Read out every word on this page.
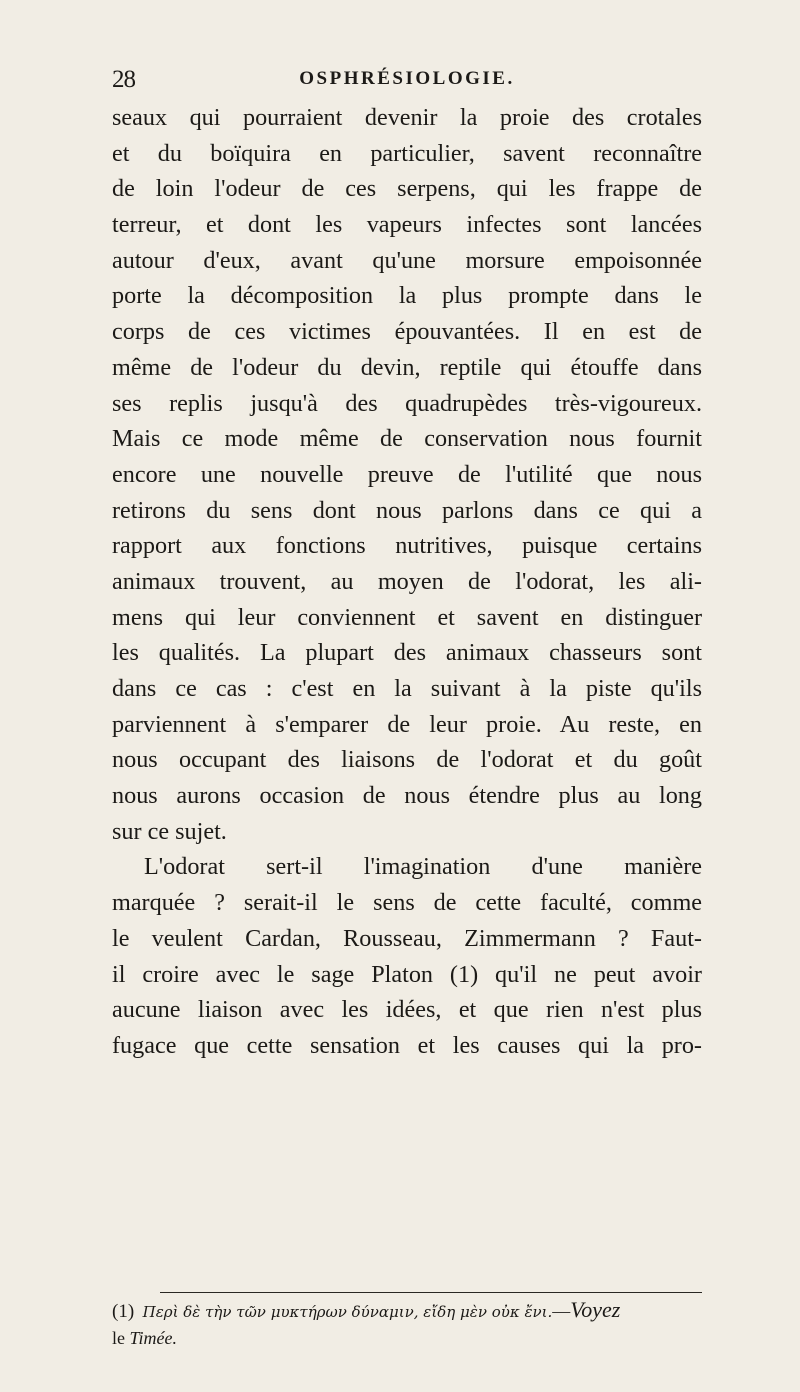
28	OSPHRÉSIOLOGIE.
seaux qui pourraient devenir la proie des crotales
et du boïquira en particulier, savent reconnaître
de loin l'odeur de ces serpens, qui les frappe de
terreur, et dont les vapeurs infectes sont lancées
autour d'eux, avant qu'une morsure empoisonnée
porte la décomposition la plus prompte dans le
corps de ces victimes épouvantées. Il en est de
même de l'odeur du devin, reptile qui étouffe dans
ses replis jusqu'à des quadrupèdes très-vigoureux.
Mais ce mode même de conservation nous fournit
encore une nouvelle preuve de l'utilité que nous
retirons du sens dont nous parlons dans ce qui a
rapport aux fonctions nutritives, puisque certains
animaux trouvent, au moyen de l'odorat, les ali-
mens qui leur conviennent et savent en distinguer
les qualités. La plupart des animaux chasseurs sont
dans ce cas : c'est en la suivant à la piste qu'ils
parviennent à s'emparer de leur proie. Au reste, en
nous occupant des liaisons de l'odorat et du goût
nous aurons occasion de nous étendre plus au long
sur ce sujet.
L'odorat sert-il l'imagination d'une manière
marquée ? serait-il le sens de cette faculté, comme
le veulent Cardan, Rousseau, Zimmermann ? Faut-
il croire avec le sage Platon (1) qu'il ne peut avoir
aucune liaison avec les idées, et que rien n'est plus
fugace que cette sensation et les causes qui la pro-
(1) Περὶ δὲ τὴν τῶν μυκτήρων δύναμιν, εἴδη μὲν οὐκ ἔνι.—Voyez
le Timée.
